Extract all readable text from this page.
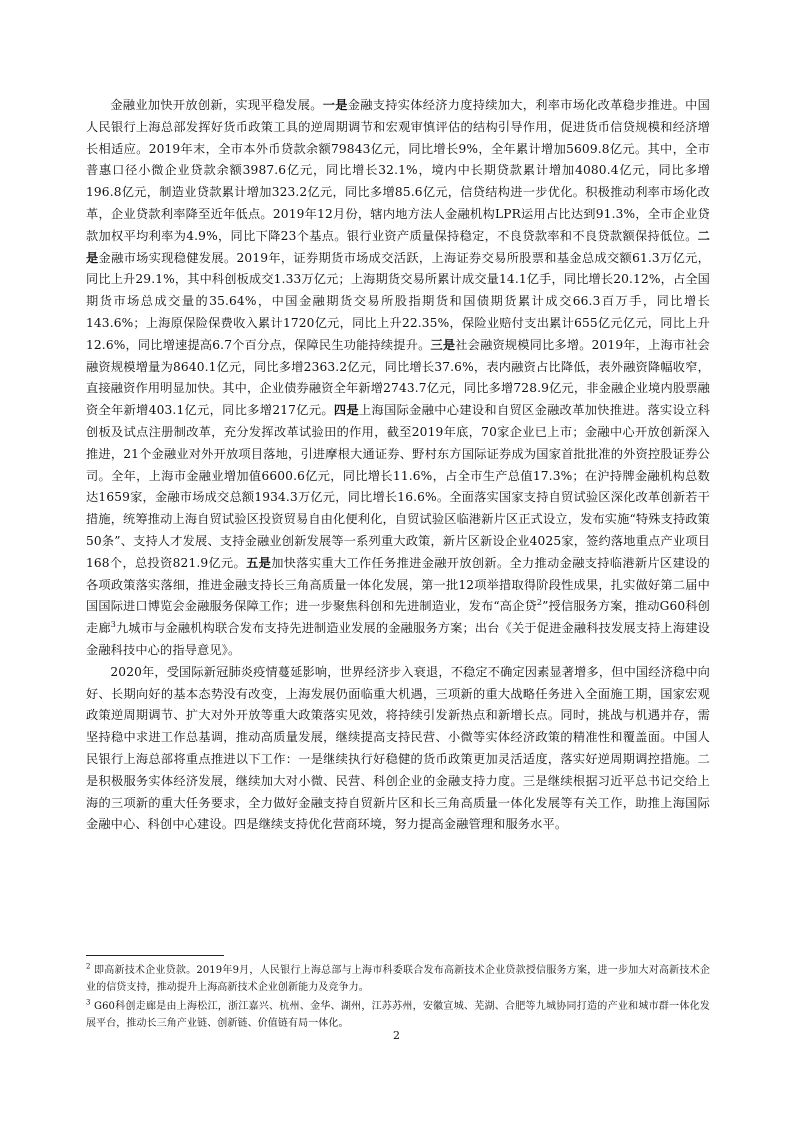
金融业加快开放创新，实现平稳发展。一是金融支持实体经济力度持续加大，利率市场化改革稳步推进。中国人民银行上海总部发挥好货币政策工具的逆周期调节和宏观审慎评估的结构引导作用，促进货币信贷规模和经济增长相适应。2019年末，全市本外币贷款余额79843亿元，同比增长9%，全年累计增加5609.8亿元。其中，全市普惠口径小微企业贷款余额3987.6亿元，同比增长32.1%，境内中长期贷款累计增加4080.4亿元，同比多增196.8亿元，制造业贷款累计增加323.2亿元，同比多增85.6亿元，信贷结构进一步优化。积极推动利率市场化改革，企业贷款利率降至近年低点。2019年12月份，辖内地方法人金融机构LPR运用占比达到91.3%，全市企业贷款加权平均利率为4.9%，同比下降23个基点。银行业资产质量保持稳定，不良贷款率和不良贷款额保持低位。二是金融市场实现稳健发展。2019年，证券期货市场成交活跃，上海证券交易所股票和基金总成交额61.3万亿元，同比上升29.1%，其中科创板成交1.33万亿元；上海期货交易所累计成交量14.1亿手，同比增长20.12%，占全国期货市场总成交量的35.64%，中国金融期货交易所股指期货和国债期货累计成交66.3百万手，同比增长143.6%；上海原保险保费收入累计1720亿元，同比上升22.35%，保险业赔付支出累计655亿元亿元，同比上升12.6%，同比增速提高6.7个百分点，保障民生功能持续提升。三是社会融资规模同比多增。2019年，上海市社会融资规模增量为8640.1亿元，同比多增2363.2亿元，同比增长37.6%，表内融资占比降低，表外融资降幅收窄，直接融资作用明显加快。其中，企业债券融资全年新增2743.7亿元，同比多增728.9亿元，非金融企业境内股票融资全年新增403.1亿元，同比多增217亿元。四是上海国际金融中心建设和自贸区金融改革加快推进。落实设立科创板及试点注册制改革，充分发挥改革试验田的作用，截至2019年底，70家企业已上市；金融中心开放创新深入推进，21个金融业对外开放项目落地，引进摩根大通证券、野村东方国际证券成为国家首批批准的外资控股证券公司。全年，上海市金融业增加值6600.6亿元，同比增长11.6%，占全市生产总值17.3%；在沪持牌金融机构总数达1659家，金融市场成交总额1934.3万亿元，同比增长16.6%。全面落实国家支持自贸试验区深化改革创新若干措施，统筹推动上海自贸试验区投资贸易自由化便利化，自贸试验区临港新片区正式设立，发布实施“特殊支持政策50条”、支持人才发展、支持金融业创新发展等一系列重大政策，新片区新设企业4025家，签约落地重点产业项目168个，总投资821.9亿元。五是加快落实重大工作任务推进金融开放创新。全力推动金融支持临港新片区建设的各项政策落实落细，推进金融支持长三角高质量一体化发展，第一批12项举措取得阶段性成果，扎实做好第二届中国国际进口博览会金融服务保障工作；进一步聚焦科创和先进制造业，发布“高企贷$^2$”授信服务方案，推动G60科创走廊$^3$九城市与金融机构联合发布支持先进制造业发展的金融服务方案；出台《关于促进金融科技发展支持上海建设金融科技中心的指导意见》。

2020年，受国际新冠肺炎疫情蔓延影响，世界经济步入衰退，不稳定不确定因素显著增多，但中国经济稳中向好、长期向好的基本态势没有改变，上海发展仍面临重大机遇，三项新的重大战略任务进入全面施工期，国家宏观政策逆周期调节、扩大对外开放等重大政策落实见效，将持续引发新热点和新增长点。同时，挑战与机遇并存，需坚持稳中求进工作总基调，推动高质量发展，继续提高支持民营、小微等实体经济政策的精准性和覆盖面。中国人民银行上海总部将重点推进以下工作：一是继续执行好稳健的货币政策更加灵活适度，落实好逆周期调控措施。二是积极服务实体经济发展，继续加大对小微、民营、科创企业的金融支持力度。三是继续根据习近平总书记交给上海的三项新的重大任务要求，全力做好金融支持自贸新片区和长三角高质量一体化发展等有关工作，助推上海国际金融中心、科创中心建设。四是继续支持优化营商环境，努力提高金融管理和服务水平。

$^2$ 即高新技术企业贷款。2019年9月，人民银行上海总部与上海市科委联合发布高新技术企业贷款授信服务方案，进一步加大对高新技术企业的信贷支持，推动提升上海高新技术企业创新能力及竞争力。

$^3$ G60科创走廊是由上海松江，浙江嘉兴、杭州、金华、湖州，江苏苏州，安徽宣城、芜湖、合肥等九城协同打造的产业和城市群一体化发展平台，推动长三角产业链、创新链、价值链有局一体化。

2
